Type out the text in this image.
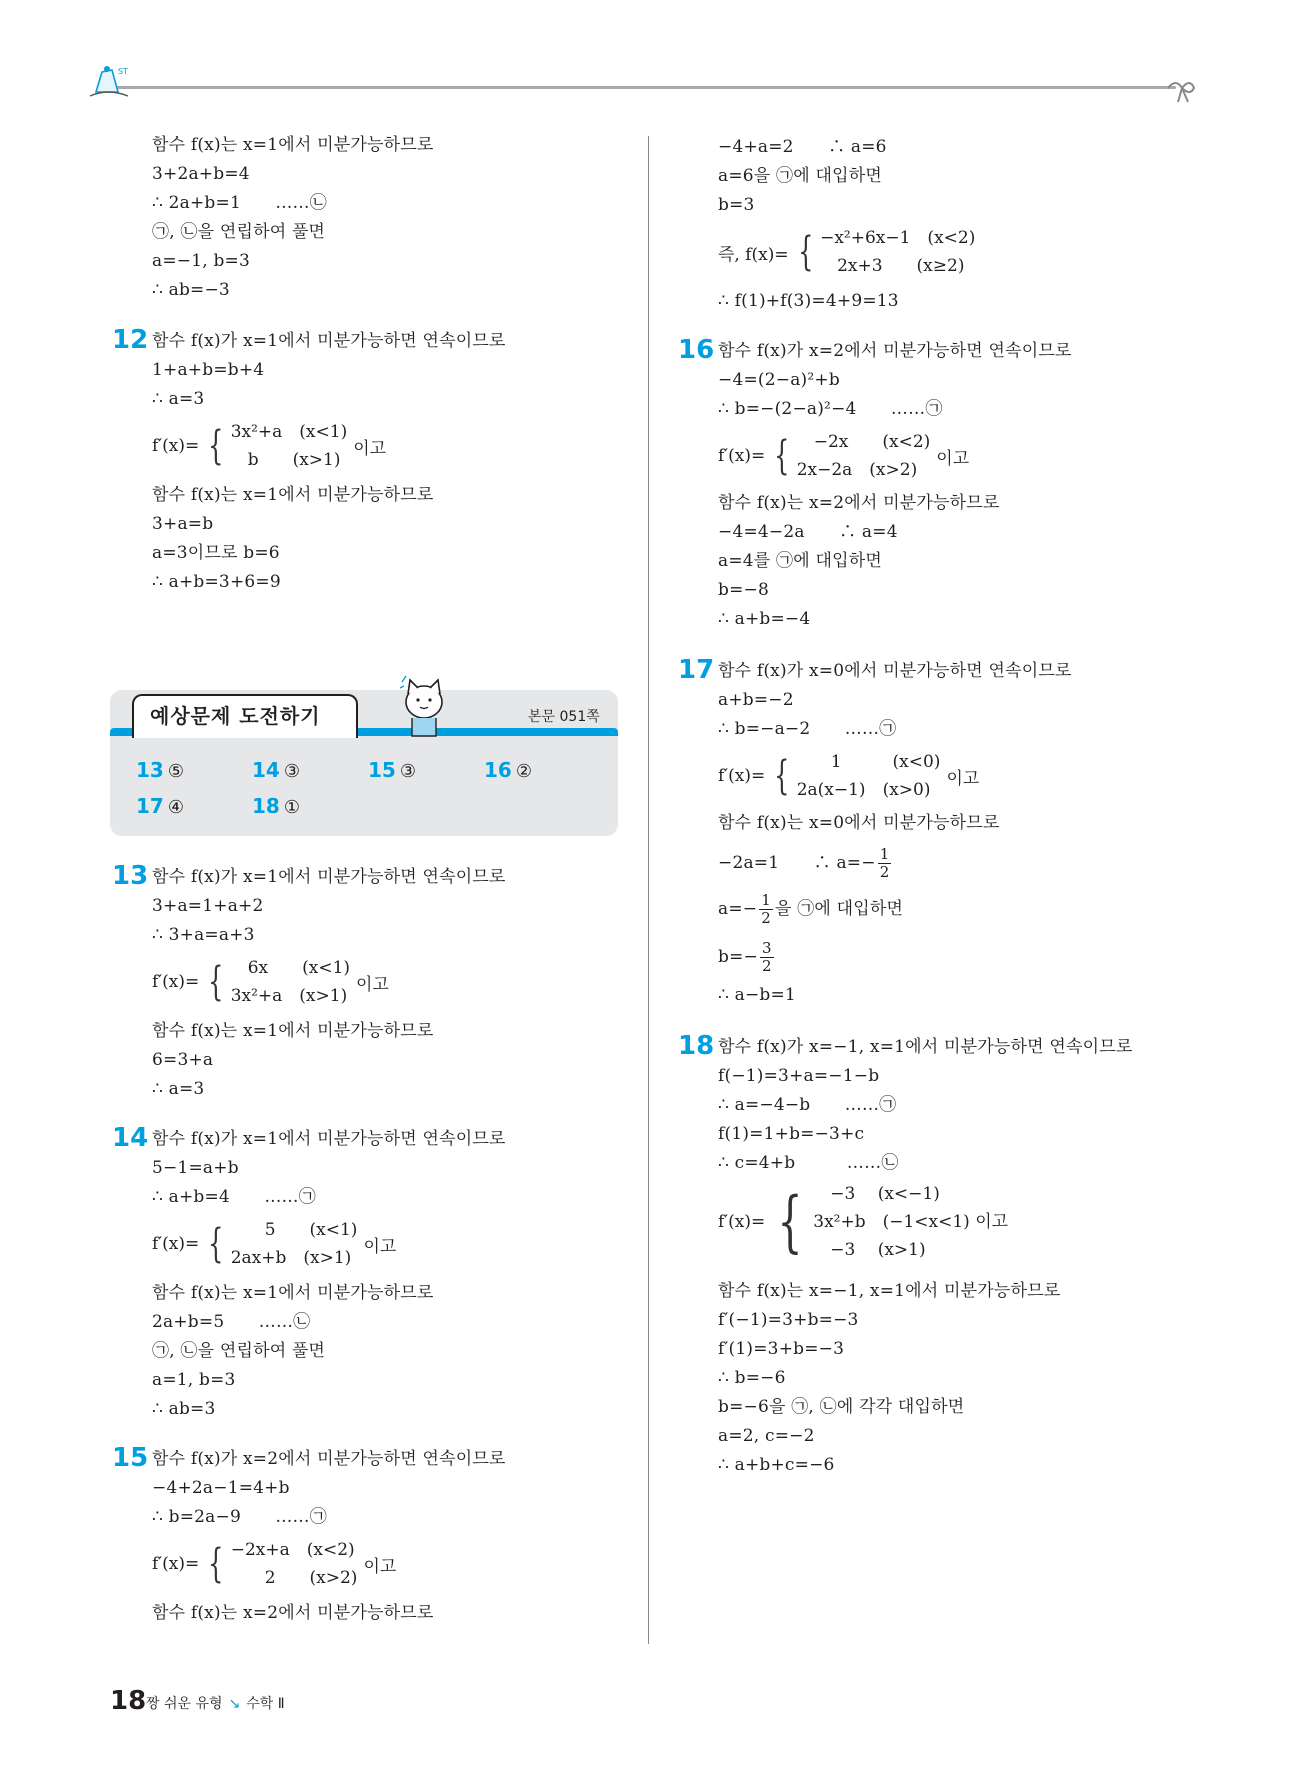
ST
함수 f(x)는 x=1에서 미분가능하므로
3+2a+b=4
∴ 2a+b=1　　……㉡
㉠, ㉡을 연립하여 풀면
a=−1, b=3
∴ ab=−3
12 함수 f(x)가 x=1에서 미분가능하면 연속이므로
1+a+b=b+4
∴ a=3
f′(x)= { 3x²+a　(x<1)
　b　　(x>1)
이고
함수 f(x)는 x=1에서 미분가능하므로
3+a=b
a=3이므로 b=6
∴ a+b=3+6=9
예상문제 도전하기	본문 051쪽
13 ⑤	14 ③	15 ③	16 ②
17 ④	18 ①
13 함수 f(x)가 x=1에서 미분가능하면 연속이므로
3+a=1+a+2
∴ 3+a=a+3
f′(x)= { 　6x　　(x<1)
3x²+a　(x>1)
이고
함수 f(x)는 x=1에서 미분가능하므로
6=3+a
∴ a=3
14 함수 f(x)가 x=1에서 미분가능하면 연속이므로
5−1=a+b
∴ a+b=4　　……㉠
f′(x)= { 　　5　　(x<1)
2ax+b　(x>1)
이고
함수 f(x)는 x=1에서 미분가능하므로
2a+b=5　　……㉡
㉠, ㉡을 연립하여 풀면
a=1, b=3
∴ ab=3
15 함수 f(x)가 x=2에서 미분가능하면 연속이므로
−4+2a−1=4+b
∴ b=2a−9　　……㉠
f′(x)= { −2x+a　(x<2)
　　2　　(x>2)
이고
함수 f(x)는 x=2에서 미분가능하므로
−4+a=2　　∴ a=6
a=6을 ㉠에 대입하면
b=3
즉, f(x)= { −x²+6x−1　(x<2)
　2x+3　　(x≥2)
∴ f(1)+f(3)=4+9=13
16 함수 f(x)가 x=2에서 미분가능하면 연속이므로
−4=(2−a)²+b
∴ b=−(2−a)²−4　　……㉠
f′(x)= { 　−2x　　(x<2)
2x−2a　(x>2)
이고
함수 f(x)는 x=2에서 미분가능하므로
−4=4−2a　　∴ a=4
a=4를 ㉠에 대입하면
b=−8
∴ a+b=−4
17 함수 f(x)가 x=0에서 미분가능하면 연속이므로
a+b=−2
∴ b=−a−2　　……㉠
f′(x)= { 　　1　　　(x<0)
2a(x−1)　(x>0)
이고
함수 f(x)는 x=0에서 미분가능하므로
−2a=1　　∴ $a=- \frac{1}{2}$
$a=- \frac{1}{2}$ 을 ㉠에 대입하면
$b=- \frac{3}{2}$
∴ a−b=1
18 함수 f(x)가 x=−1, x=1에서 미분가능하면 연속이므로
f(−1)=3+a=−1−b
∴ a=−4−b　　……㉠
f(1)=1+b=−3+c
∴ c=4+b　　　……㉡
f′(x)= { 　−3　 (x<−1)
3x²+b　(−1<x<1) 이고
　−3　 (x>1)
함수 f(x)는 x=−1, x=1에서 미분가능하므로
f′(−1)=3+b=−3
f′(1)=3+b=−3
∴ b=−6
b=−6을 ㉠, ㉡에 각각 대입하면
a=2, c=−2
∴ a+b+c=−6
18 짱 쉬운 유형 ↘ 수학 Ⅱ
